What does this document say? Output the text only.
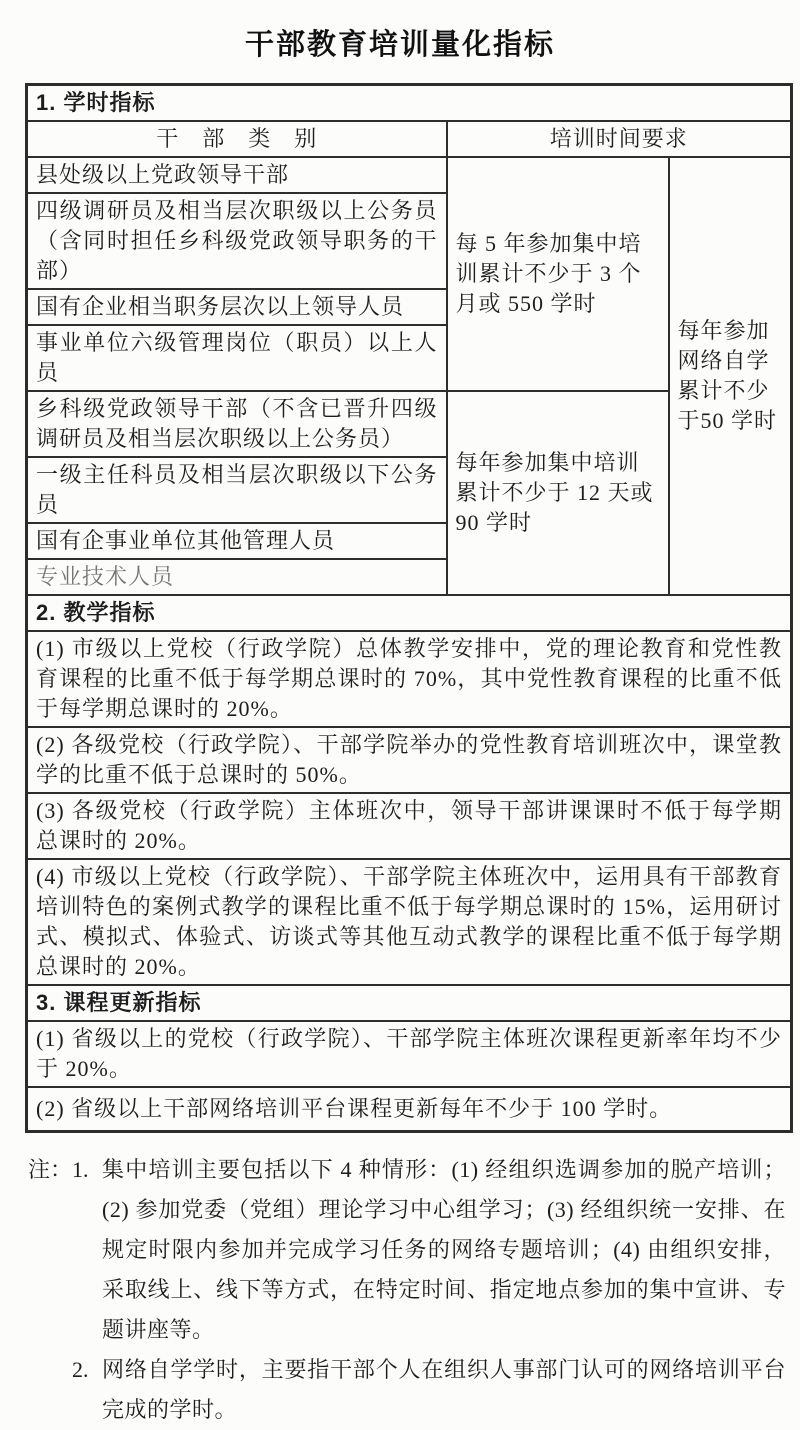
干部教育培训量化指标
1. 学时指标		
干　部　类　别	培训时间要求	
县处级以上党政领导干部	每 5 年参加集中培训累计不少于 3 个月或 550 学时	每年参加网络自学累计不少于50 学时
四级调研员及相当层次职级以上公务员（含同时担任乡科级党政领导职务的干部）		
国有企业相当职务层次以上领导人员		
事业单位六级管理岗位（职员）以上人员		
乡科级党政领导干部（不含已晋升四级调研员及相当层次职级以上公务员）	每年参加集中培训累计不少于 12 天或 90 学时	
一级主任科员及相当层次职级以下公务员		
国有企事业单位其他管理人员		
专业技术人员		
2. 教学指标		
(1) 市级以上党校（行政学院）总体教学安排中，党的理论教育和党性教育课程的比重不低于每学期总课时的 70%，其中党性教育课程的比重不低于每学期总课时的 20%。		
(2) 各级党校（行政学院）、干部学院举办的党性教育培训班次中，课堂教学的比重不低于总课时的 50%。		
(3) 各级党校（行政学院）主体班次中，领导干部讲课课时不低于每学期总课时的 20%。		
(4) 市级以上党校（行政学院）、干部学院主体班次中，运用具有干部教育培训特色的案例式教学的课程比重不低于每学期总课时的 15%，运用研讨式、模拟式、体验式、访谈式等其他互动式教学的课程比重不低于每学期总课时的 20%。		
3. 课程更新指标		
(1) 省级以上的党校（行政学院）、干部学院主体班次课程更新率年均不少于 20%。		
(2) 省级以上干部网络培训平台课程更新每年不少于 100 学时。		
注： 1. 集中培训主要包括以下 4 种情形：(1) 经组织选调参加的脱产培训；(2) 参加党委（党组）理论学习中心组学习；(3) 经组织统一安排、在规定时限内参加并完成学习任务的网络专题培训；(4) 由组织安排，采取线上、线下等方式，在特定时间、指定地点参加的集中宣讲、专题讲座等。
2. 网络自学学时，主要指干部个人在组织人事部门认可的网络培训平台完成的学时。
